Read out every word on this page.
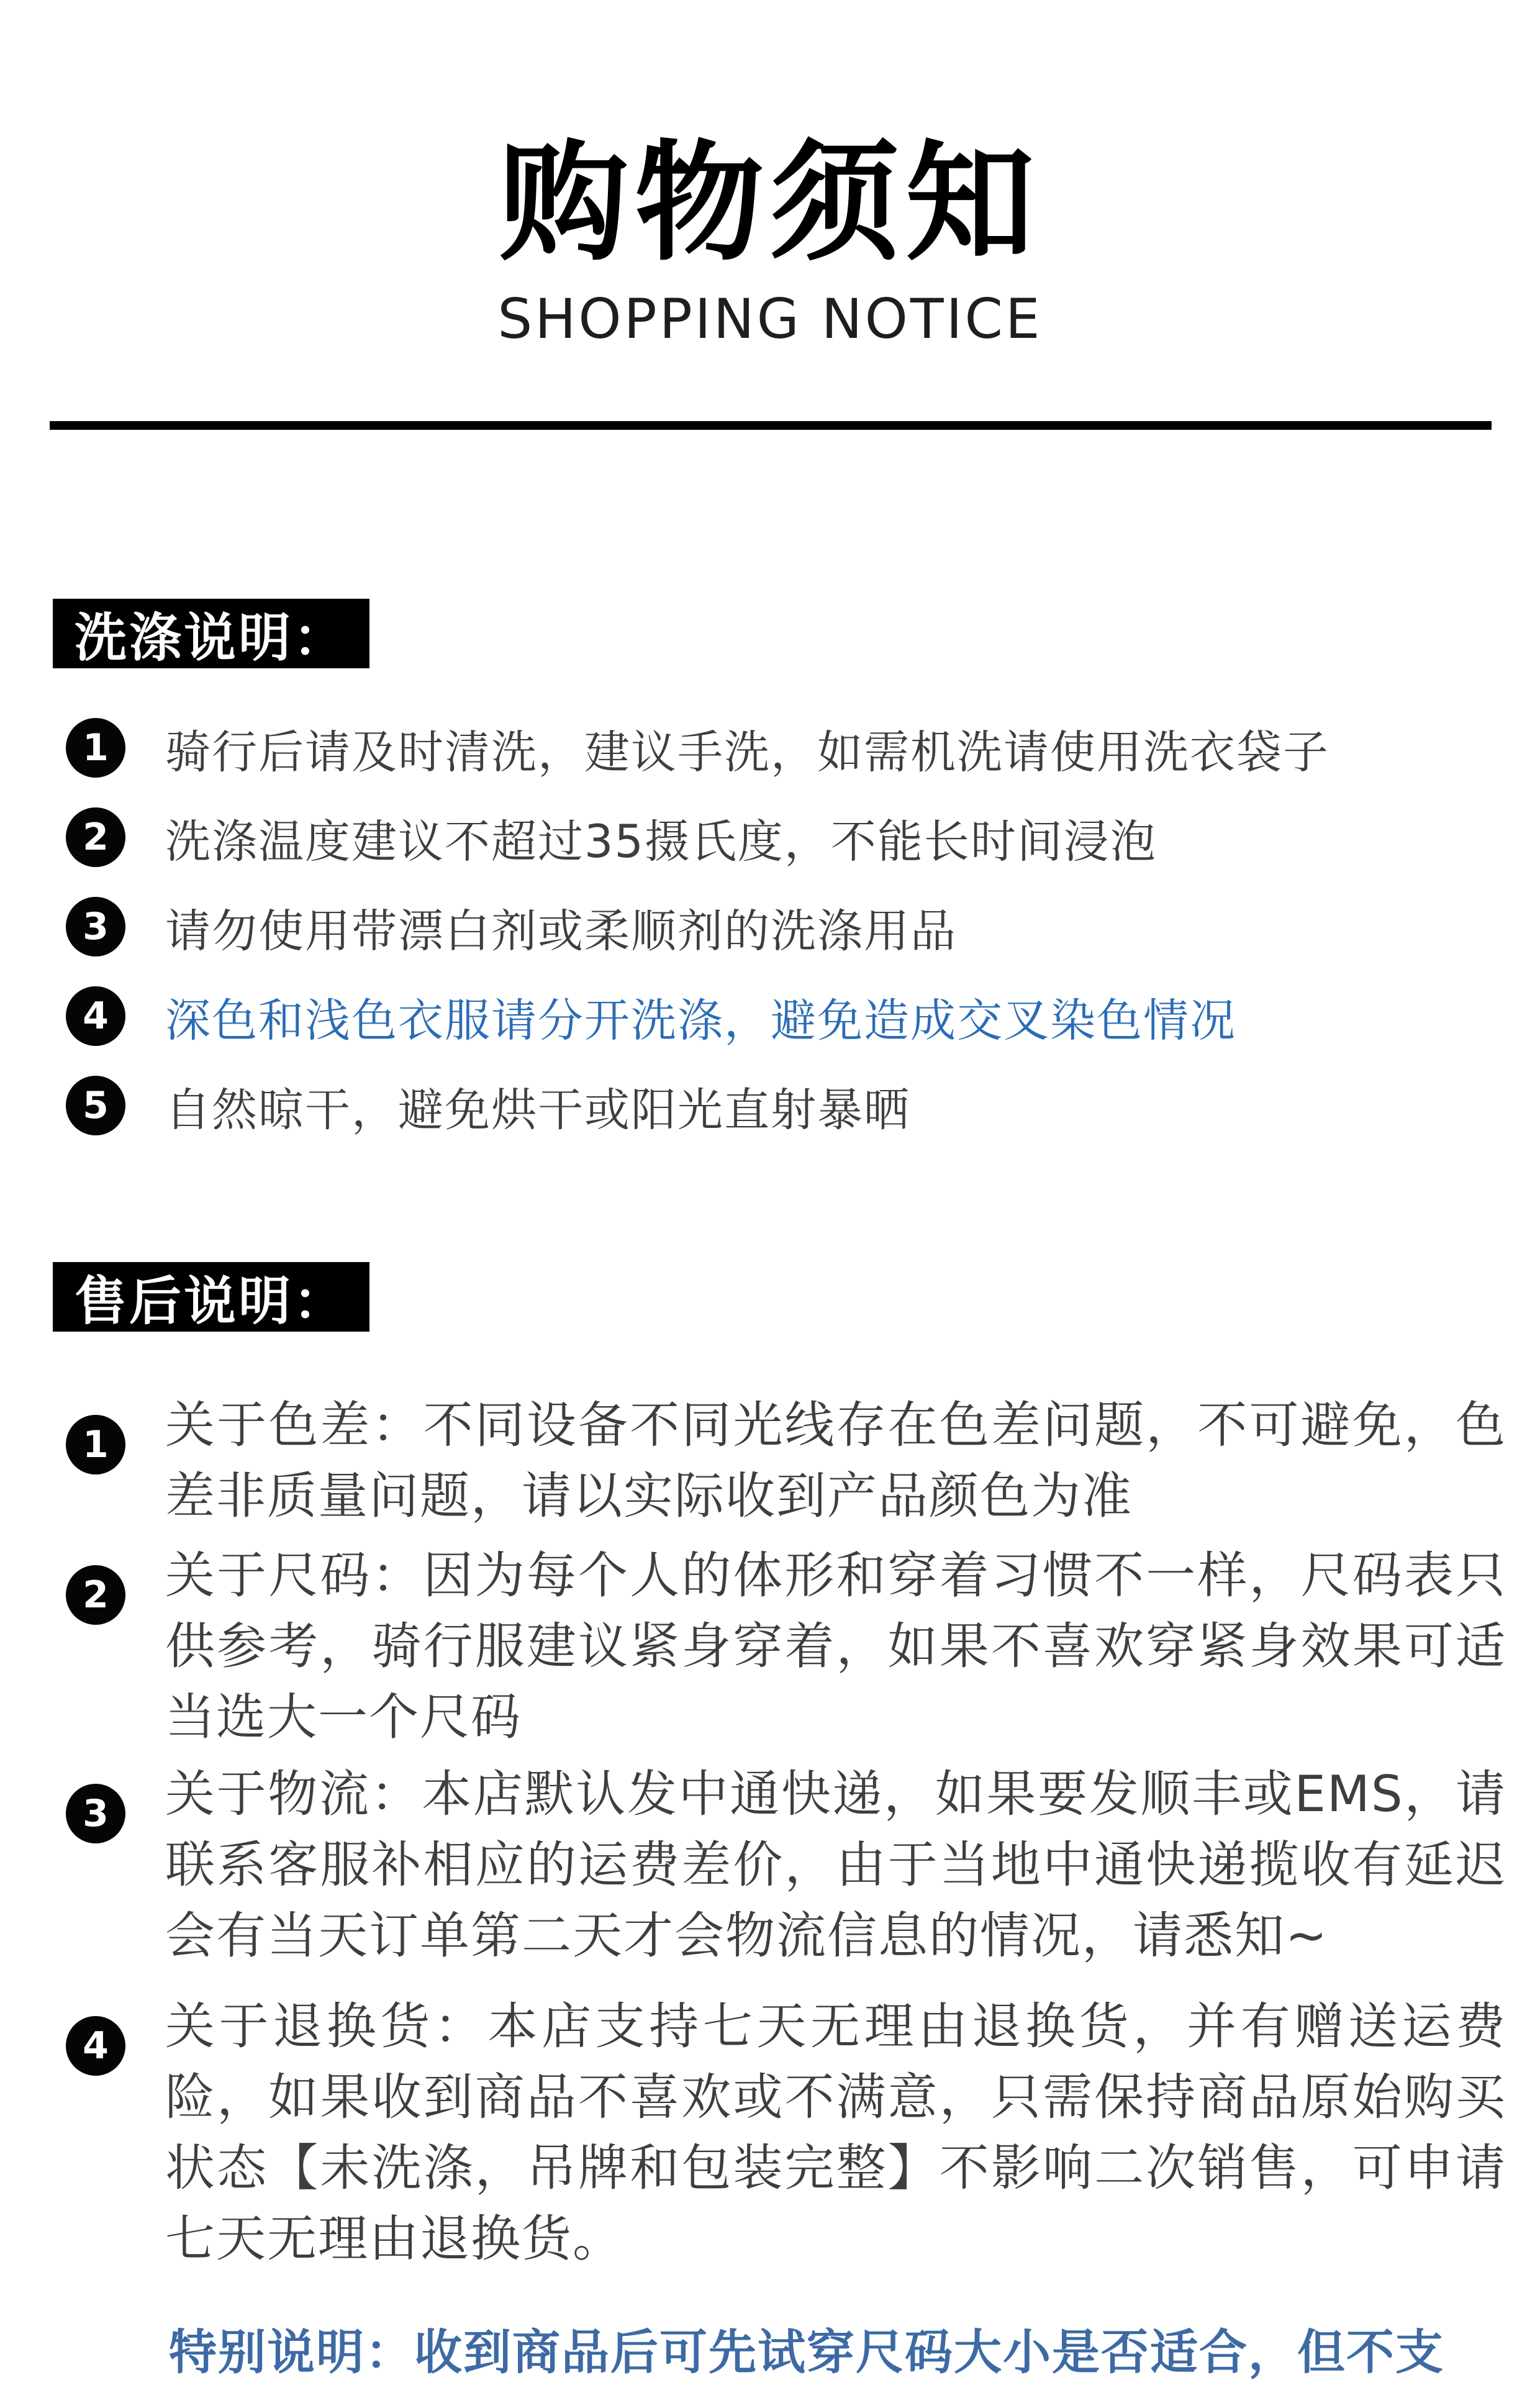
购物须知
SHOPPING NOTICE
洗涤说明：
1	骑行后请及时清洗，建议手洗，如需机洗请使用洗衣袋子
2	洗涤温度建议不超过35摄氏度，不能长时间浸泡
3	请勿使用带漂白剂或柔顺剂的洗涤用品
4	深色和浅色衣服请分开洗涤，避免造成交叉染色情况
5	自然晾干，避免烘干或阳光直射暴晒
售后说明：
1	关于色差：不同设备不同光线存在色差问题，不可避免，色差非质量问题，请以实际收到产品颜色为准
2	关于尺码：因为每个人的体形和穿着习惯不一样，尺码表只供参考，骑行服建议紧身穿着，如果不喜欢穿紧身效果可适当选大一个尺码
3	关于物流：本店默认发中通快递，如果要发顺丰或EMS，请联系客服补相应的运费差价，由于当地中通快递揽收有延迟会有当天订单第二天才会物流信息的情况，请悉知~
4	关于退换货：本店支持七天无理由退换货，并有赠送运费险，如果收到商品不喜欢或不满意，只需保持商品原始购买状态【未洗涤，吊牌和包装完整】不影响二次销售，可申请七天无理由退换货。
特别说明：收到商品后可先试穿尺码大小是否适合，但不支
